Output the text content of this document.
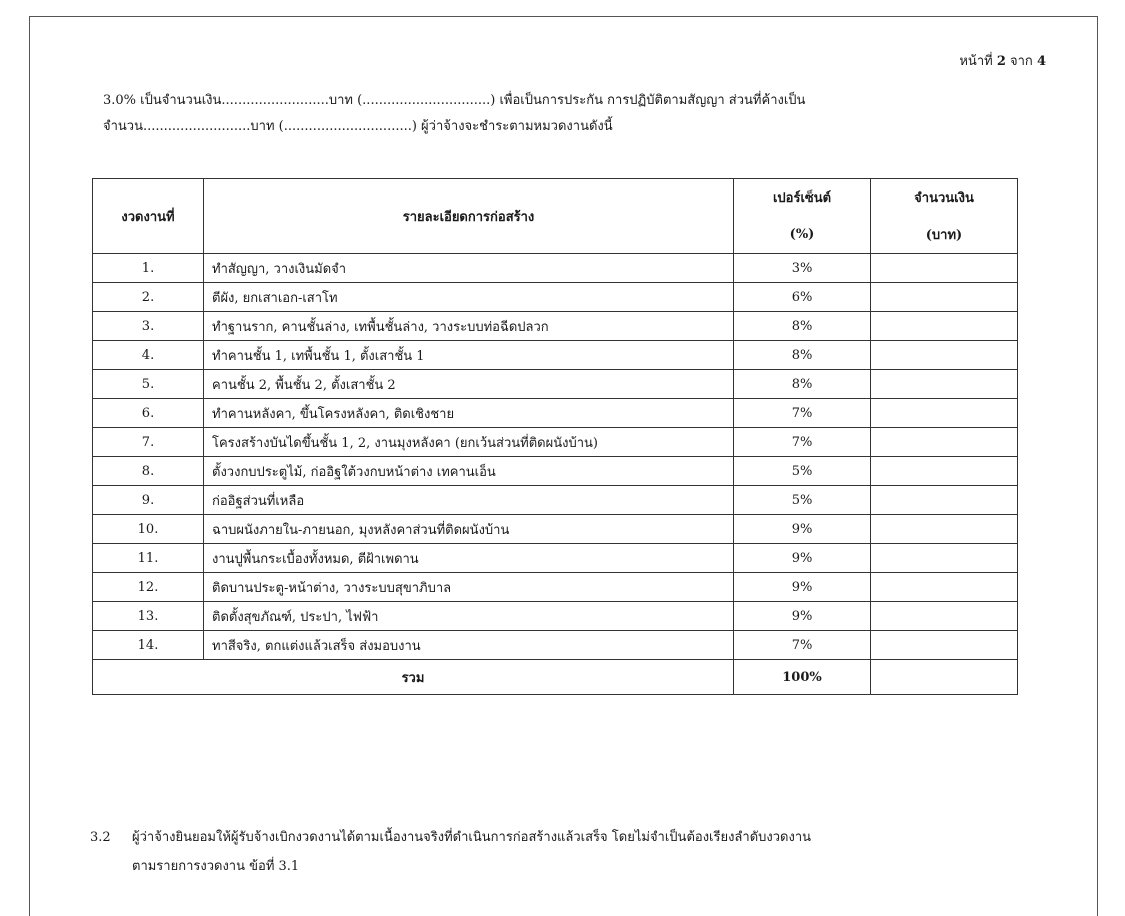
หน้าที่ 2 จาก 4

3.0% เป็นจำนวนเงิน..........................บาท (...............................) เพื่อเป็นการประกัน การปฏิบัติตามสัญญา ส่วนที่ค้างเป็น

จำนวน..........................บาท (...............................) ผู้ว่าจ้างจะชำระตามหมวดงานดังนี้

งวดงานที่	รายละเอียดการก่อสร้าง	เปอร์เซ็นต์	จำนวนเงิน
		(%)	(บาท)
1.	ทำสัญญา, วางเงินมัดจำ	3%	
2.	ตีผัง, ยกเสาเอก-เสาโท	6%	
3.	ทำฐานราก, คานชั้นล่าง, เทพื้นชั้นล่าง, วางระบบท่อฉีดปลวก	8%	
4.	ทำคานชั้น 1, เทพื้นชั้น 1, ตั้งเสาชั้น 1	8%	
5.	คานชั้น 2, พื้นชั้น 2, ตั้งเสาชั้น 2	8%	
6.	ทำคานหลังคา, ขึ้นโครงหลังคา, ติดเชิงชาย	7%	
7.	โครงสร้างบันไดขึ้นชั้น 1, 2, งานมุงหลังคา (ยกเว้นส่วนที่ติดผนังบ้าน)	7%	
8.	ตั้งวงกบประตูไม้, ก่ออิฐใต้วงกบหน้าต่าง เทคานเอ็น	5%	
9.	ก่ออิฐส่วนที่เหลือ	5%	
10.	ฉาบผนังภายใน-ภายนอก, มุงหลังคาส่วนที่ติดผนังบ้าน	9%	
11.	งานปูพื้นกระเบื้องทั้งหมด, ตีฝ้าเพดาน	9%	
12.	ติดบานประตู-หน้าต่าง, วางระบบสุขาภิบาล	9%	
13.	ติดตั้งสุขภัณฑ์, ประปา, ไฟฟ้า	9%	
14.	ทาสีจริง, ตกแต่งแล้วเสร็จ ส่งมอบงาน	7%	
รวม		100%	
3.2 ผู้ว่าจ้างยินยอมให้ผู้รับจ้างเบิกงวดงานได้ตามเนื้องานจริงที่ดำเนินการก่อสร้างแล้วเสร็จ โดยไม่จำเป็นต้องเรียงลำดับงวดงาน
ตามรายการงวดงาน ข้อที่ 3.1
